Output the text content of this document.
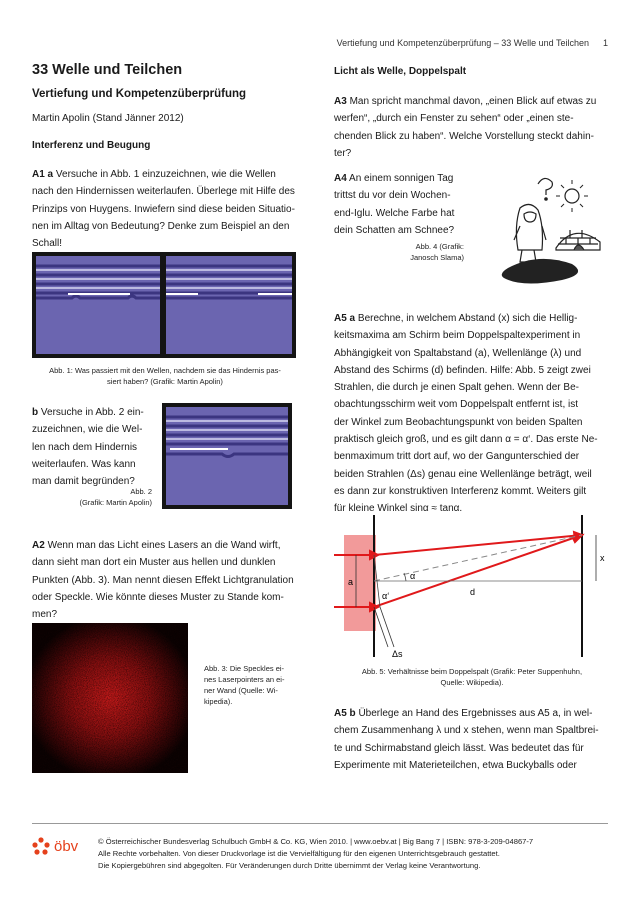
Vertiefung und Kompetenzüberprüfung – 33 Welle und Teilchen 1
33 Welle und Teilchen
Vertiefung und Kompetenzüberprüfung
Martin Apolin (Stand Jänner 2012)
Interferenz und Beugung

A1 a Versuche in Abb. 1 einzuzeichnen, wie die Wellen

nach den Hindernissen weiterlaufen. Überlege mit Hilfe des

Prinzips von Huygens. Inwiefern sind diese beiden Situatio-

nen im Alltag von Bedeutung? Denke zum Beispiel an den

Schall!

Abb. 1: Was passiert mit den Wellen, nachdem sie das Hindernis pas-
siert haben? (Grafik: Martin Apolin)

b Versuche in Abb. 2 ein-

zuzeichnen, wie die Wel-

len nach dem Hindernis

weiterlaufen. Was kann

man damit begründen?

Abb. 2
(Grafik: Martin Apolin)

A2 Wenn man das Licht eines Lasers an die Wand wirft,

dann sieht man dort ein Muster aus hellen und dunklen

Punkten (Abb. 3). Man nennt diesen Effekt Lichtgranulation

oder Speckle. Wie könnte dieses Muster zu Stande kom-

men?

Abb. 3: Die Speckles ei-
nes Laserpointers an ei-
ner Wand (Quelle: Wi-
kipedia).
Licht als Welle, Doppelspalt

A3 Man spricht manchmal davon, „einen Blick auf etwas zu

werfen“, „durch ein Fenster zu sehen“ oder „einen ste-

chenden Blick zu haben“. Welche Vorstellung steckt dahin-

ter?

A4 An einem sonnigen Tag

trittst du vor dein Wochen-

end-Iglu. Welche Farbe hat

dein Schatten am Schnee?

Abb. 4 (Grafik:
Janosch Slama)

A5 a Berechne, in welchem Abstand (x) sich die Hellig-

keitsmaxima am Schirm beim Doppelspaltexperiment in

Abhängigkeit von Spaltabstand (a), Wellenlänge (λ) und

Abstand des Schirms (d) befinden. Hilfe: Abb. 5 zeigt zwei

Strahlen, die durch je einen Spalt gehen. Wenn der Be-

obachtungsschirm weit vom Doppelspalt entfernt ist, ist

der Winkel zum Beobachtungspunkt von beiden Spalten

praktisch gleich groß, und es gilt dann α = α‘. Das erste Ne-

benmaximum tritt dort auf, wo der Gangunterschied der

beiden Strahlen (Δs) genau eine Wellenlänge beträgt, weil

es dann zur konstruktiven Interferenz kommt. Weiters gilt

für kleine Winkel sinα ≈ tanα.

a
x
d
α
α‘
Δs
Abb. 5: Verhältnisse beim Doppelspalt (Grafik: Peter Suppenhuhn,
Quelle: Wikipedia).

A5 b Überlege an Hand des Ergebnisses aus A5 a, in wel-

chem Zusammenhang λ und x stehen, wenn man Spaltbrei-

te und Schirmabstand gleich lässt. Was bedeutet das für

Experimente mit Materieteilchen, etwa Buckyballs oder

öbv	© Österreichischer Bundesverlag Schulbuch GmbH & Co. KG, Wien 2010. | www.oebv.at | Big Bang 7 | ISBN: 978-3-209-04867-7
Alle Rechte vorbehalten. Von dieser Druckvorlage ist die Vervielfältigung für den eigenen Unterrichtsgebrauch gestattet.
Die Kopiergebühren sind abgegolten. Für Veränderungen durch Dritte übernimmt der Verlag keine Verantwortung.
